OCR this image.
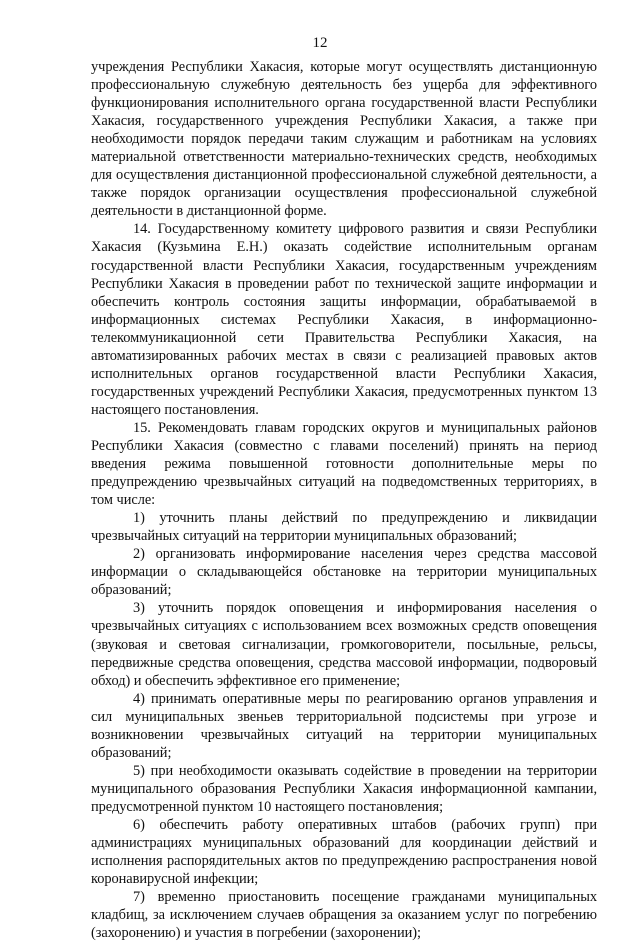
12

учреждения Республики Хакасия, которые могут осуществлять дистанционную профессиональную служебную деятельность без ущерба для эффективного функционирования исполнительного органа государственной власти Республики Хакасия, государственного учреждения Республики Хакасия, а также при необходимости порядок передачи таким служащим и работникам на условиях материальной ответственности материально-технических средств, необходимых для осуществления дистанционной профессиональной служебной деятельности, а также порядок организации осуществления профессиональной служебной деятельности в дистанционной форме.

14. Государственному комитету цифрового развития и связи Республики Хакасия (Кузьмина Е.Н.) оказать содействие исполнительным органам государственной власти Республики Хакасия, государственным учреждениям Республики Хакасия в проведении работ по технической защите информации и обеспечить контроль состояния защиты информации, обрабатываемой в информационных системах Республики Хакасия, в информационно-телекоммуникационной сети Правительства Республики Хакасия, на автоматизированных рабочих местах в связи с реализацией правовых актов исполнительных органов государственной власти Республики Хакасия, государственных учреждений Республики Хакасия, предусмотренных пунктом 13 настоящего постановления.

15. Рекомендовать главам городских округов и муниципальных районов Республики Хакасия (совместно с главами поселений) принять на период введения режима повышенной готовности дополнительные меры по предупреждению чрезвычайных ситуаций на подведомственных территориях, в том числе:

1) уточнить планы действий по предупреждению и ликвидации чрезвычайных ситуаций на территории муниципальных образований;

2) организовать информирование населения через средства массовой информации о складывающейся обстановке на территории муниципальных образований;

3) уточнить порядок оповещения и информирования населения о чрезвычайных ситуациях с использованием всех возможных средств оповещения (звуковая и световая сигнализации, громкоговорители, посыльные, рельсы, передвижные средства оповещения, средства массовой информации, подворовый обход) и обеспечить эффективное его применение;

4) принимать оперативные меры по реагированию органов управления и сил муниципальных звеньев территориальной подсистемы при угрозе и возникновении чрезвычайных ситуаций на территории муниципальных образований;

5) при необходимости оказывать содействие в проведении на территории муниципального образования Республики Хакасия информационной кампании, предусмотренной пунктом 10 настоящего постановления;

6) обеспечить работу оперативных штабов (рабочих групп) при администрациях муниципальных образований для координации действий и исполнения распорядительных актов по предупреждению распространения новой коронавирусной инфекции;

7) временно приостановить посещение гражданами муниципальных кладбищ, за исключением случаев обращения за оказанием услуг по погребению (захоронению) и участия в погребении (захоронении);
